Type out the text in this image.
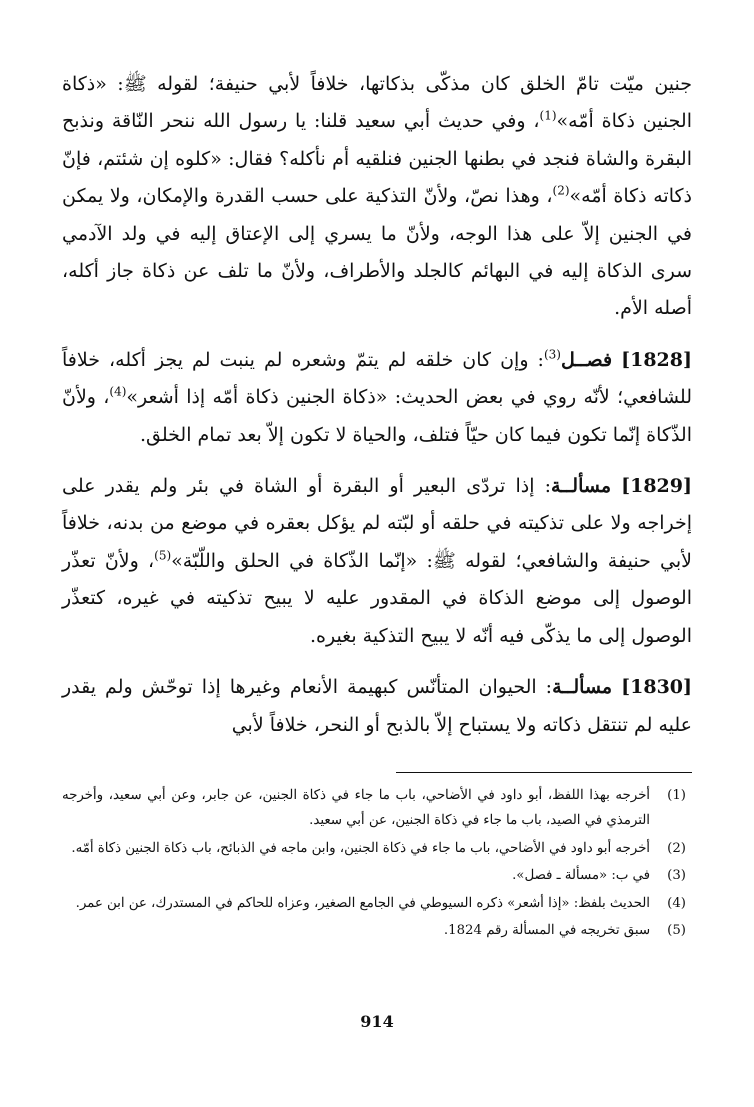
جنين ميّت تامّ الخلق كان مذكّى بذكاتها، خلافاً لأبي حنيفة؛ لقوله ﷺ: «ذكاة الجنين ذكاة أمّه»$^{(1)}$، وفي حديث أبي سعيد قلنا: يا رسول الله ننحر النّاقة ونذبح البقرة والشاة فنجد في بطنها الجنين فنلقيه أم نأكله؟ فقال: «كلوه إن شئتم، فإنّ ذكاته ذكاة أمّه»$^{(2)}$، وهذا نصّ، ولأنّ التذكية على حسب القدرة والإمكان، ولا يمكن في الجنين إلاّ على هذا الوجه، ولأنّ ما يسري إلى الإعتاق إليه في ولد الآدمي سرى الذكاة إليه في البهائم كالجلد والأطراف، ولأنّ ما تلف عن ذكاة جاز أكله، أصله الأم.

[1828] فصــل$^{(3)}$: وإن كان خلقه لم يتمّ وشعره لم ينبت لم يجز أكله، خلافاً للشافعي؛ لأنّه روي في بعض الحديث: «ذكاة الجنين ذكاة أمّه إذا أشعر»$^{(4)}$، ولأنّ الذّكاة إنّما تكون فيما كان حيّاً فتلف، والحياة لا تكون إلاّ بعد تمام الخلق.

[1829] مسألــة: إذا تردّى البعير أو البقرة أو الشاة في بئر ولم يقدر على إخراجه ولا على تذكيته في حلقه أو لبّته لم يؤكل بعقره في موضع من بدنه، خلافاً لأبي حنيفة والشافعي؛ لقوله ﷺ: «إنّما الذّكاة في الحلق واللّبّة»$^{(5)}$، ولأنّ تعذّر الوصول إلى موضع الذكاة في المقدور عليه لا يبيح تذكيته في غيره، كتعذّر الوصول إلى ما يذكّى فيه أنّه لا يبيح التذكية بغيره.

[1830] مسألــة: الحيوان المتأنّس كبهيمة الأنعام وغيرها إذا توحّش ولم يقدر عليه لم تنتقل ذكاته ولا يستباح إلاّ بالذبح أو النحر، خلافاً لأبي

(1)
أخرجه بهذا اللفظ، أبو داود في الأضاحي، باب ما جاء في ذكاة الجنين، عن جابر، وعن أبي سعيد، وأخرجه الترمذي في الصيد، باب ما جاء في ذكاة الجنين، عن أبي سعيد.
(2)
أخرجه أبو داود في الأضاحي، باب ما جاء في ذكاة الجنين، وابن ماجه في الذبائح، باب ذكاة الجنين ذكاة أمّه.
(3)
في ب: «مسألة ـ فصل».
(4)
الحديث بلفظ: «إذا أشعر» ذكره السيوطي في الجامع الصغير، وعزاه للحاكم في المستدرك، عن ابن عمر.
(5)
سبق تخريجه في المسألة رقم 1824.
914
